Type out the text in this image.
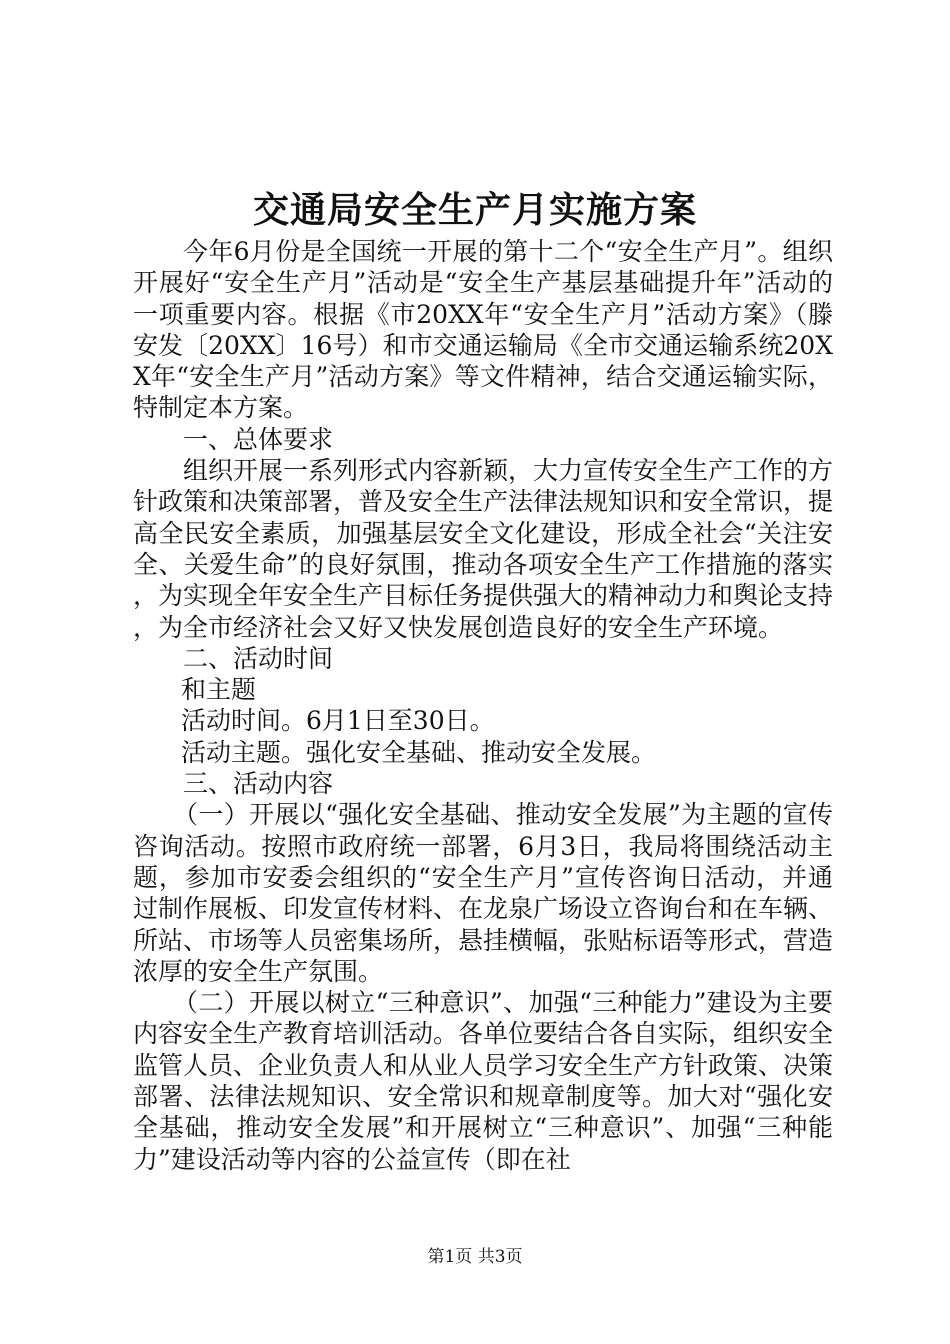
交通局安全生产月实施方案

今年6月份是全国统一开展的第十二个“安全生产月”。组织开展好“安全生产月”活动是“安全生产基层基础提升年”活动的一项重要内容。根据《市20XX年“安全生产月”活动方案》（滕安发〔20XX〕16号）和市交通运输局《全市交通运输系统20XX年“安全生产月”活动方案》等文件精神，结合交通运输实际，特制定本方案。

一、总体要求

组织开展一系列形式内容新颖，大力宣传安全生产工作的方针政策和决策部署，普及安全生产法律法规知识和安全常识，提高全民安全素质，加强基层安全文化建设，形成全社会“关注安全、关爱生命”的良好氛围，推动各项安全生产工作措施的落实，为实现全年安全生产目标任务提供强大的精神动力和舆论支持，为全市经济社会又好又快发展创造良好的安全生产环境。

二、活动时间

和主题

活动时间。6月1日至30日。

活动主题。强化安全基础、推动安全发展。

三、活动内容

（一）开展以“强化安全基础、推动安全发展”为主题的宣传咨询活动。按照市政府统一部署，6月3日，我局将围绕活动主题，参加市安委会组织的“安全生产月”宣传咨询日活动，并通过制作展板、印发宣传材料、在龙泉广场设立咨询台和在车辆、所站、市场等人员密集场所，悬挂横幅，张贴标语等形式，营造浓厚的安全生产氛围。

（二）开展以树立“三种意识”、加强“三种能力”建设为主要内容安全生产教育培训活动。各单位要结合各自实际，组织安全监管人员、企业负责人和从业人员学习安全生产方针政策、决策部署、法律法规知识、安全常识和规章制度等。加大对“强化安全基础，推动安全发展”和开展树立“三种意识”、加强“三种能力”建设活动等内容的公益宣传（即在社

第1页 共3页
